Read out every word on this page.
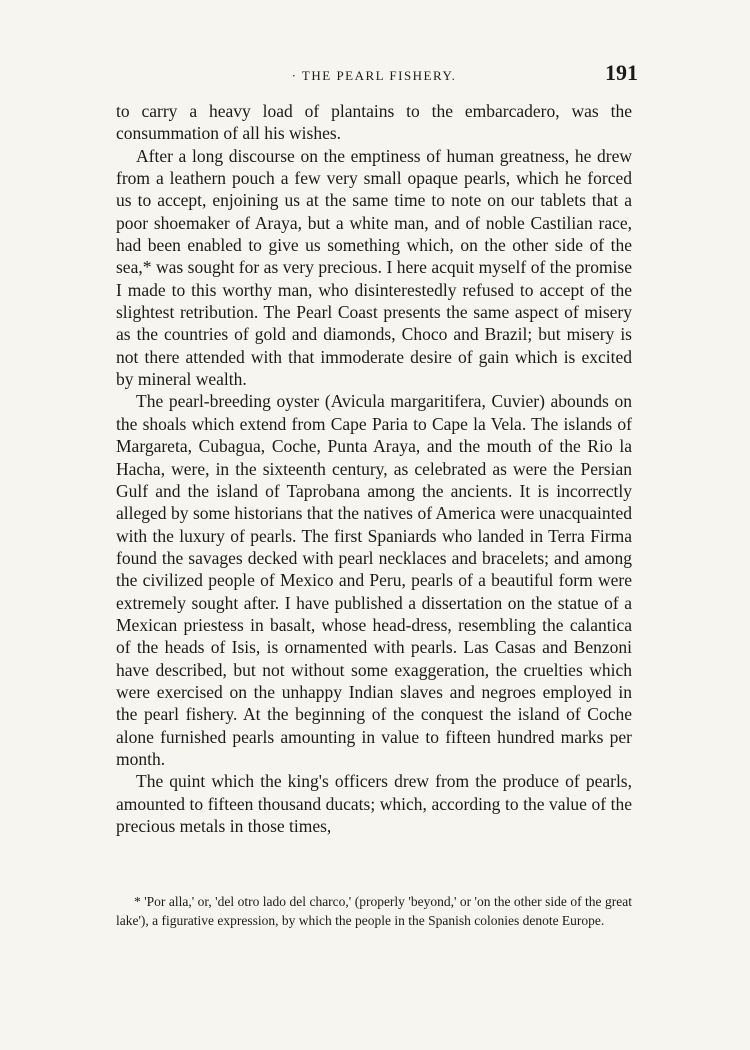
· THE PEARL FISHERY.	191

to carry a heavy load of plantains to the embarcadero, was the consummation of all his wishes.

After a long discourse on the emptiness of human greatness, he drew from a leathern pouch a few very small opaque pearls, which he forced us to accept, enjoining us at the same time to note on our tablets that a poor shoemaker of Araya, but a white man, and of noble Castilian race, had been enabled to give us something which, on the other side of the sea,* was sought for as very precious. I here acquit myself of the promise I made to this worthy man, who disinterestedly refused to accept of the slightest retribution. The Pearl Coast presents the same aspect of misery as the countries of gold and diamonds, Choco and Brazil; but misery is not there attended with that immoderate desire of gain which is excited by mineral wealth.

The pearl-breeding oyster (Avicula margaritifera, Cuvier) abounds on the shoals which extend from Cape Paria to Cape la Vela. The islands of Margareta, Cubagua, Coche, Punta Araya, and the mouth of the Rio la Hacha, were, in the sixteenth century, as celebrated as were the Persian Gulf and the island of Taprobana among the ancients. It is incorrectly alleged by some historians that the natives of America were unacquainted with the luxury of pearls. The first Spaniards who landed in Terra Firma found the savages decked with pearl necklaces and bracelets; and among the civilized people of Mexico and Peru, pearls of a beautiful form were extremely sought after. I have published a dissertation on the statue of a Mexican priestess in basalt, whose head-dress, resembling the calantica of the heads of Isis, is ornamented with pearls. Las Casas and Benzoni have described, but not without some exaggeration, the cruelties which were exercised on the unhappy Indian slaves and negroes employed in the pearl fishery. At the beginning of the conquest the island of Coche alone furnished pearls amounting in value to fifteen hundred marks per month.

The quint which the king's officers drew from the produce of pearls, amounted to fifteen thousand ducats; which, according to the value of the precious metals in those times,

* 'Por alla,' or, 'del otro lado del charco,' (properly 'beyond,' or 'on the other side of the great lake'), a figurative expression, by which the people in the Spanish colonies denote Europe.
